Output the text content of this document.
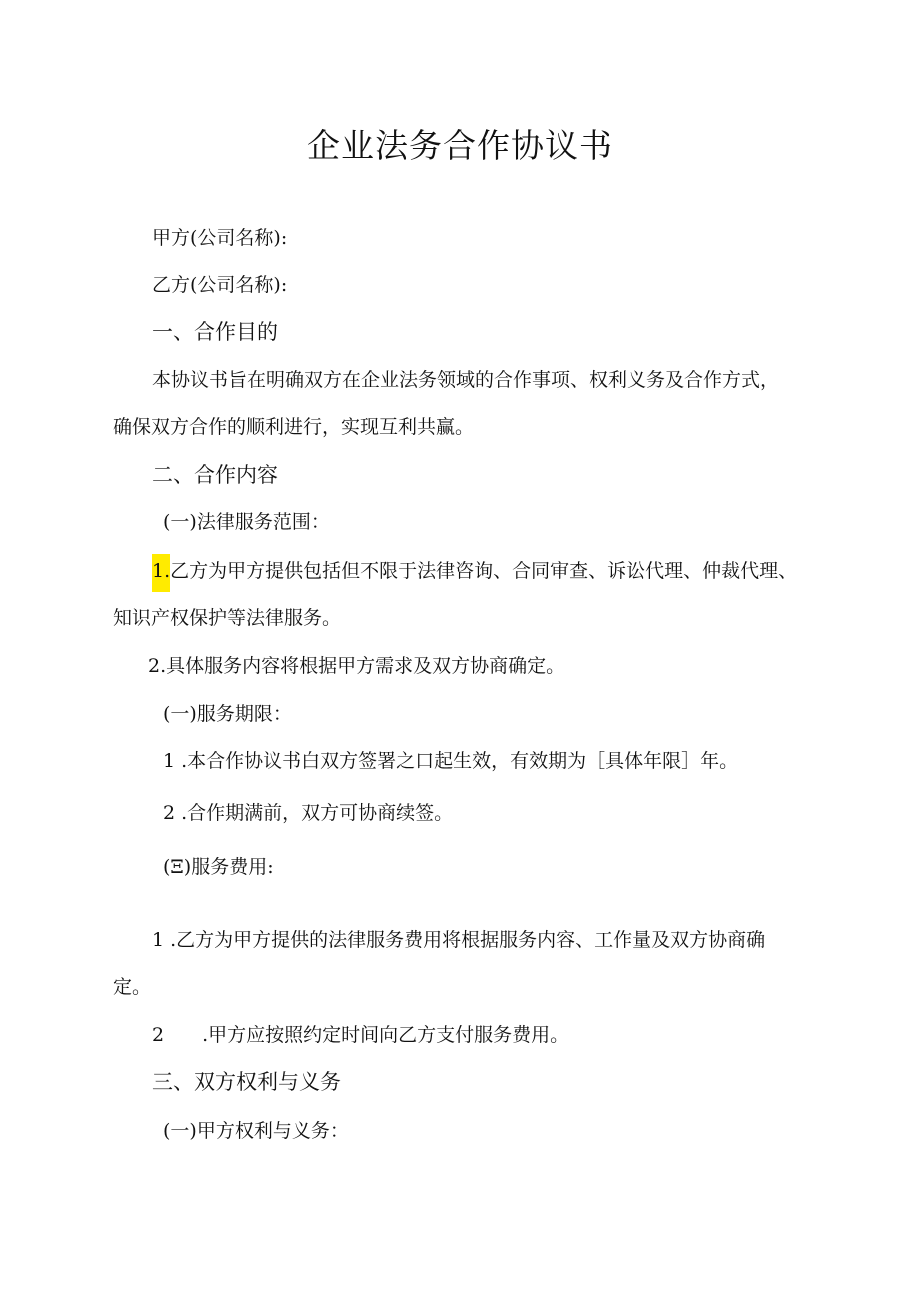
企业法务合作协议书
甲方(公司名称):
乙方(公司名称):
一、合作目的
本协议书旨在明确双方在企业法务领域的合作事项、权利义务及合作方式，
确保双方合作的顺利进行，实现互利共赢。
二、合作内容
(一)法律服务范围：
1.乙方为甲方提供包括但不限于法律咨询、合同审查、诉讼代理、仲裁代理、
知识产权保护等法律服务。
2.具体服务内容将根据甲方需求及双方协商确定。
(一)服务期限：
1 .本合作协议书白双方签署之口起生效，有效期为［具体年限］年。
2 .合作期满前，双方可协商续签。
(Ξ)服务费用:
1 .乙方为甲方提供的法律服务费用将根据服务内容、工作量及双方协商确
定。
2　　.甲方应按照约定时间向乙方支付服务费用。
三、双方权利与义务
(一)甲方权利与义务：
